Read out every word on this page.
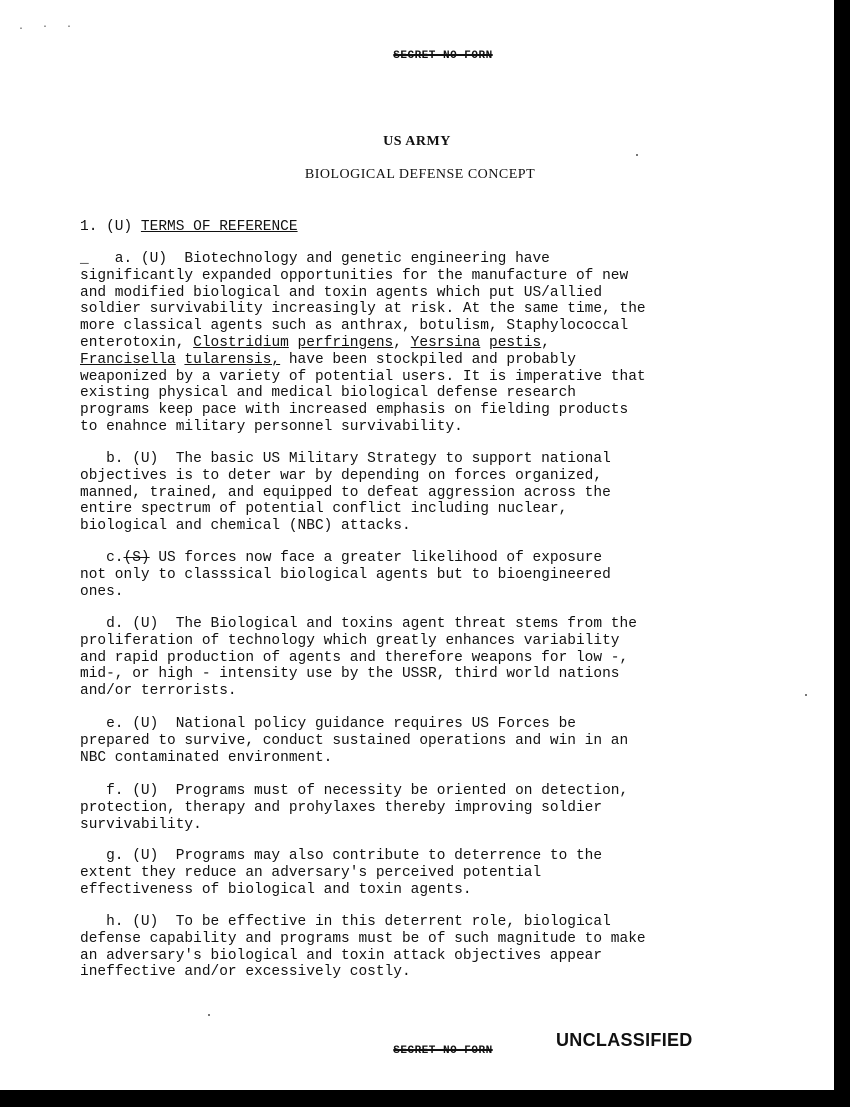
. · ·
SECRET NO FORN
US ARMY
BIOLOGICAL DEFENSE CONCEPT
1. (U) TERMS OF REFERENCE
_   a. (U)  Biotechnology and genetic engineering have
significantly expanded opportunities for the manufacture of new
and modified biological and toxin agents which put US/allied
soldier survivability increasingly at risk. At the same time, the
more classical agents such as anthrax, botulism, Staphylococcal
enterotoxin, Clostridium perfringens, Yesrsina pestis,
Francisella tularensis, have been stockpiled and probably
weaponized by a variety of potential users. It is imperative that
existing physical and medical biological defense research
programs keep pace with increased emphasis on fielding products
to enahnce military personnel survivability.
b. (U)  The basic US Military Strategy to support national
objectives is to deter war by depending on forces organized,
manned, trained, and equipped to defeat aggression across the
entire spectrum of potential conflict including nuclear,
biological and chemical (NBC) attacks.
c.(S) US forces now face a greater likelihood of exposure
not only to classsical biological agents but to bioengineered
ones.
d. (U)  The Biological and toxins agent threat stems from the
proliferation of technology which greatly enhances variability
and rapid production of agents and therefore weapons for low -,
mid-, or high - intensity use by the USSR, third world nations
and/or terrorists.
e. (U)  National policy guidance requires US Forces be
prepared to survive, conduct sustained operations and win in an
NBC contaminated environment.
f. (U)  Programs must of necessity be oriented on detection,
protection, therapy and prohylaxes thereby improving soldier
survivability.
g. (U)  Programs may also contribute to deterrence to the
extent they reduce an adversary's perceived potential
effectiveness of biological and toxin agents.
h. (U)  To be effective in this deterrent role, biological
defense capability and programs must be of such magnitude to make
an adversary's biological and toxin attack objectives appear
ineffective and/or excessively costly.
UNCLASSIFIED
SECRET NO FORN
